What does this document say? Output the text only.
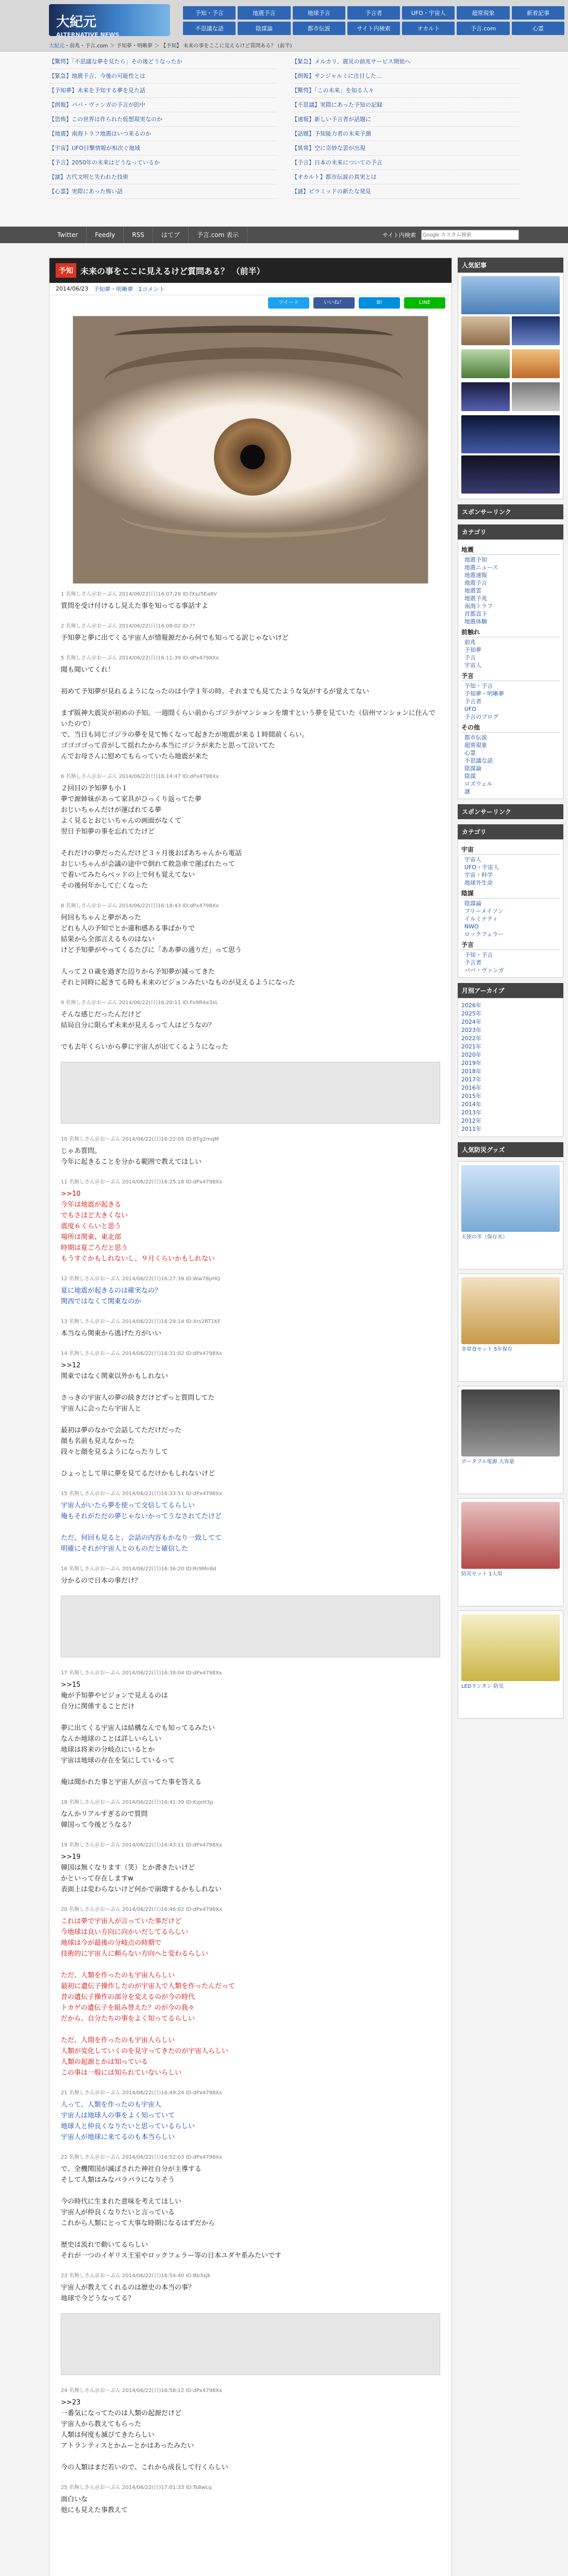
大紀元
ALTERNATIVE NEWS
予知・予言	地震予言	地球予言	予言者	UFO・宇宙人	超常現象	新着記事
不思議な話	陰謀論	都市伝説	サイト内検索	オカルト	予言.com	心霊
大紀元・前兆・予言.com ＞ 予知夢・明晰夢 ＞ 【予知】 未来の事をここに見えるけど質問ある？ (前半)
【驚愕】「不思議な夢を見たら」その後どうなったか
【緊急】地震予言、今後の可能性とは
【予知夢】未来を予知する夢を見た話
【朗報】ババ・ヴァンガの予言が的中
【恐怖】この世界は作られた仮想現実なのか
【地震】南海トラフ地震はいつ来るのか
【宇宙】UFO目撃情報が相次ぐ地域
【予言】2050年の未来はどうなっているか
【謎】古代文明と失われた技術
【心霊】実際にあった怖い話
【緊急】メルカリ、震災の前兆サービス開始へ
【朗報】サンジャルミに注目した…
【驚愕】「この未来」を知る人々
【不思議】実際にあった予知の記録
【速報】新しい予言者が話題に
【話題】予知能力者の未来予測
【異常】空に奇妙な雲が出現
【予言】日本の未来についての予言
【オカルト】都市伝説の真実とは
【謎】ピラミッドの新たな発見
Twitter	Feedly	RSS	はてブ	予言.com 表示	サイト内検索
Google カスタム検索
予知 未来の事をここに見えるけど質問ある？ （前半）
2014/06/23 予知夢・明晰夢 1コメント
ツイート	いいね！	B!	LINE
1 名無しさん＠おーぷん 2014/06/22(日)16:07:29 ID:fXsz5Ea8V
質問を受け付けるし見えた事を知ってる事話すよ
2 名無しさん＠おーぷん 2014/06/22(日)16:08:02 ID:??
予知夢と夢に出てくる宇宙人が情報源だから何でも知ってる訳じゃないけど
5 名無しさん＠おーぷん 2014/06/22(日)16:11:39 ID:dPx4798Xx
聞も聞いてくれ！

初めて予知夢が見れるようになったのは小学１年の時。それまでも見てたような気がするが覚えてない

まず阪神大震災が初めの予知。一週間くらい前からゴジラがマンションを壊すという夢を見ていた（信州マンションに住んでいたので）
で、当日も同じゴジラの夢を見て怖くなって起きたが地震が来る１時間前くらい。
ゴゴゴゴって音がして揺れたから本当にゴジラが来たと思って泣いてた
んでお母さんに慰めてもらっていたら地震が来た
6 名無しさん＠おーぷん 2014/06/22(日)16:14:47 ID:dPx4798Xx
２回目の予知夢も小１
夢で源姉妹があって家具がひっくり返ってた夢
おじいちゃんだけが運ばれてる夢
よく見るとおじいちゃんの画面がなくて
翌日予知夢の事を忘れてたけど

それだけの夢だったんだけど３ヶ月後おばあちゃんから電話
おじいちゃんが会議の途中で倒れて救急車で運ばれたって
で着いてみたらベッドの上で何も覚えてない
その後何年かして亡くなった
8 名無しさん＠おーぷん 2014/06/22(日)16:18:43 ID:dPx4798Xx
何回もちゃんと夢があった
どれも人の予知でとか違和感ある事ばかりで
結果から全部言えるものはない
けど予知夢がやってくるたびに「ああ夢の通りだ」って思う

人って２０歳を過ぎた辺りから予知夢が減ってきた
それと同時に起きてる時も未来のビジョンみたいなものが見えるようになった
9 名無しさん＠おーぷん 2014/06/22(日)16:20:11 ID:Fo9R4a3xL
そんな感じだったんだけど
結局自分に限らず未来が見えるって人はどうなの？

でも去年くらいから夢に宇宙人が出てくるようになった
10 名無しさん＠おーぷん 2014/06/22(日)16:22:05 ID:8Tg2mqM
じゃあ質問。
今年に起きることを分かる範囲で教えてほしい
11 名無しさん＠おーぷん 2014/06/22(日)16:25:18 ID:dPx4798Xx
>>10
今年は地震が起きる
でもさほど大きくない
震度６くらいと思う
場所は関東、東北部
時期は夏ごろだと思う
もうすぐかもしれないし、９月くらいかもしれない
12 名無しさん＠おーぷん 2014/06/22(日)16:27:39 ID:Ww78pHQ
夏に地震が起きるのは確実なの？
関西ではなくて関東なのか
13 名無しさん＠おーぷん 2014/06/22(日)16:29:14 ID:Xrs2RT1KF
本当なら関東から逃げた方がいい
14 名無しさん＠おーぷん 2014/06/22(日)16:31:02 ID:dPx4798Xx
>>12
関東ではなく関東以外かもしれない

さっきの宇宙人の夢の続きだけどずっと質問してた
宇宙人に会ったら宇宙人と

最初は夢のなかで会話してただけだった
顔も名前も見えなかった
段々と顔を見るようになったりして

ひょっとして単に夢を見てるだけかもしれないけど
15 名無しさん＠おーぷん 2014/06/22(日)16:33:51 ID:dPx4798Xx
宇宙人がいたら夢を使って交信してるらしい
俺もそれがただの夢じゃないかってうなされてたけど

ただ、何回も見ると、会話の内容もかなり一致してて
明確にそれが宇宙人とのものだと確信した
16 名無しさん＠おーぷん 2014/06/22(日)16:36:20 ID:Rr9Mn8d
分かるので日本の事だけ？
17 名無しさん＠おーぷん 2014/06/22(日)16:38:04 ID:dPx4798Xx
>>15
俺が予知夢やビジョンで見えるのは
自分に関係することだけ

夢に出てくる宇宙人は結構なんでも知ってるみたい
なんか地球のことは詳しいらしい
地球は将来の分岐点にいるとか
宇宙は地球の存在を気にしているって

俺は聞かれた事と宇宙人が言ってた事を答える
18 名無しさん＠おーぷん 2014/06/22(日)16:41:39 ID:KqxH3p
なんかリアルすぎるので質問
韓国って今後どうなる？
19 名無しさん＠おーぷん 2014/06/22(日)16:43:11 ID:dPx4798Xx
>>19
韓国は無くなります（笑）とか書きたいけど
かといって存在しますw
表面上は変わらないけど何かで崩壊するかもしれない
20 名無しさん＠おーぷん 2014/06/22(日)16:46:02 ID:dPx4798Xx
これは夢で宇宙人が言っていた事だけど
今地球は良い方向に向かいだしてるらしい
地球は今が最後の分岐点の時期で
技術的に宇宙人に頼らない方向へと変わるらしい

ただ、人類を作ったのも宇宙人らしい
最初に遺伝子操作したのが宇宙人で人類を作ったんだって
昔の遺伝子操作の部分を変えるのが今の時代
トカゲの遺伝子を組み替えた？のが今の我々
だから、自分たちの事をよく知ってるらしい

ただ、人間を作ったのも宇宙人らしい
人類が変化していくのを見守ってきたのが宇宙人らしい
人類の起源とかは知っている
この事は一般には知られていないらしい
21 名無しさん＠おーぷん 2014/06/22(日)16:49:24 ID:dPx4798Xx
人って、人類を作ったのも宇宙人
宇宙人は地球人の事をよく知っていて
地球人と仲良くなりたいと思っているらしい
宇宙人が地球に来てるのも本当らしい
22 名無しさん＠おーぷん 2014/06/22(日)16:52:03 ID:dPx4798Xx
で、全機関国が滅ぼされた神社自分が主導する
そして人類はみなパラパラになりそう

今の時代に生まれた意味を考えてほしい
宇宙人が仲良くなりたいと言っている
これから人類にとって大事な時期になるはずだから

歴史は流れで動いてるらしい
それが一つのイギリス王室やロックフェラー等の日本ユダヤ系みたいです
23 名無しさん＠おーぷん 2014/06/22(日)16:54:40 ID:Bb3xJk
宇宙人が教えてくれるのは歴史の本当の事？
地球で今どうなってる？
24 名無しさん＠おーぷん 2014/06/22(日)16:58:12 ID:dPx4798Xx
>>23
一番気になってたのは人類の起源だけど
宇宙人から教えてもらった
人類は何度も滅びてきたらしい
アトランティスとかムーとかはあったみたい

今の人類はまだ若いので、これから成長して行くらしい
25 名無しさん＠おーぷん 2014/06/22(日)17:01:33 ID:Ts8wLq
面白いな
他にも見えた事教えて
人気記事
スポンサーリンク
カテゴリ
地震
地震予知
地震ニュース
地震速報
地震予言
地震雲
地震予兆
南海トラフ
首都直下
地震体験
前触れ
前兆
予知夢
予言
宇宙人
予言
予知・予言
予知夢・明晰夢
予言者
UFO
予言のブログ
その他
都市伝説
超常現象
心霊
不思議な話
陰謀論
陰謀
ロズウェル
謎
スポンサーリンク
カテゴリ
宇宙
宇宙人
UFO・宇宙人
宇宙・科学
地球外生命
陰謀
陰謀論
フリーメイソン
イルミナティ
NWO
ロックフェラー
予言
予知・予言
予言者
ババ・ヴァンガ
月別アーカイブ
2026年
2025年
2024年
2023年
2022年
2021年
2020年
2019年
2018年
2017年
2016年
2015年
2014年
2013年
2012年
2011年
人気防災グッズ
天使の雫（保存水）
非常食セット 5年保存
ポータブル電源 大容量
防災セット 1人用
LEDランタン 防災
